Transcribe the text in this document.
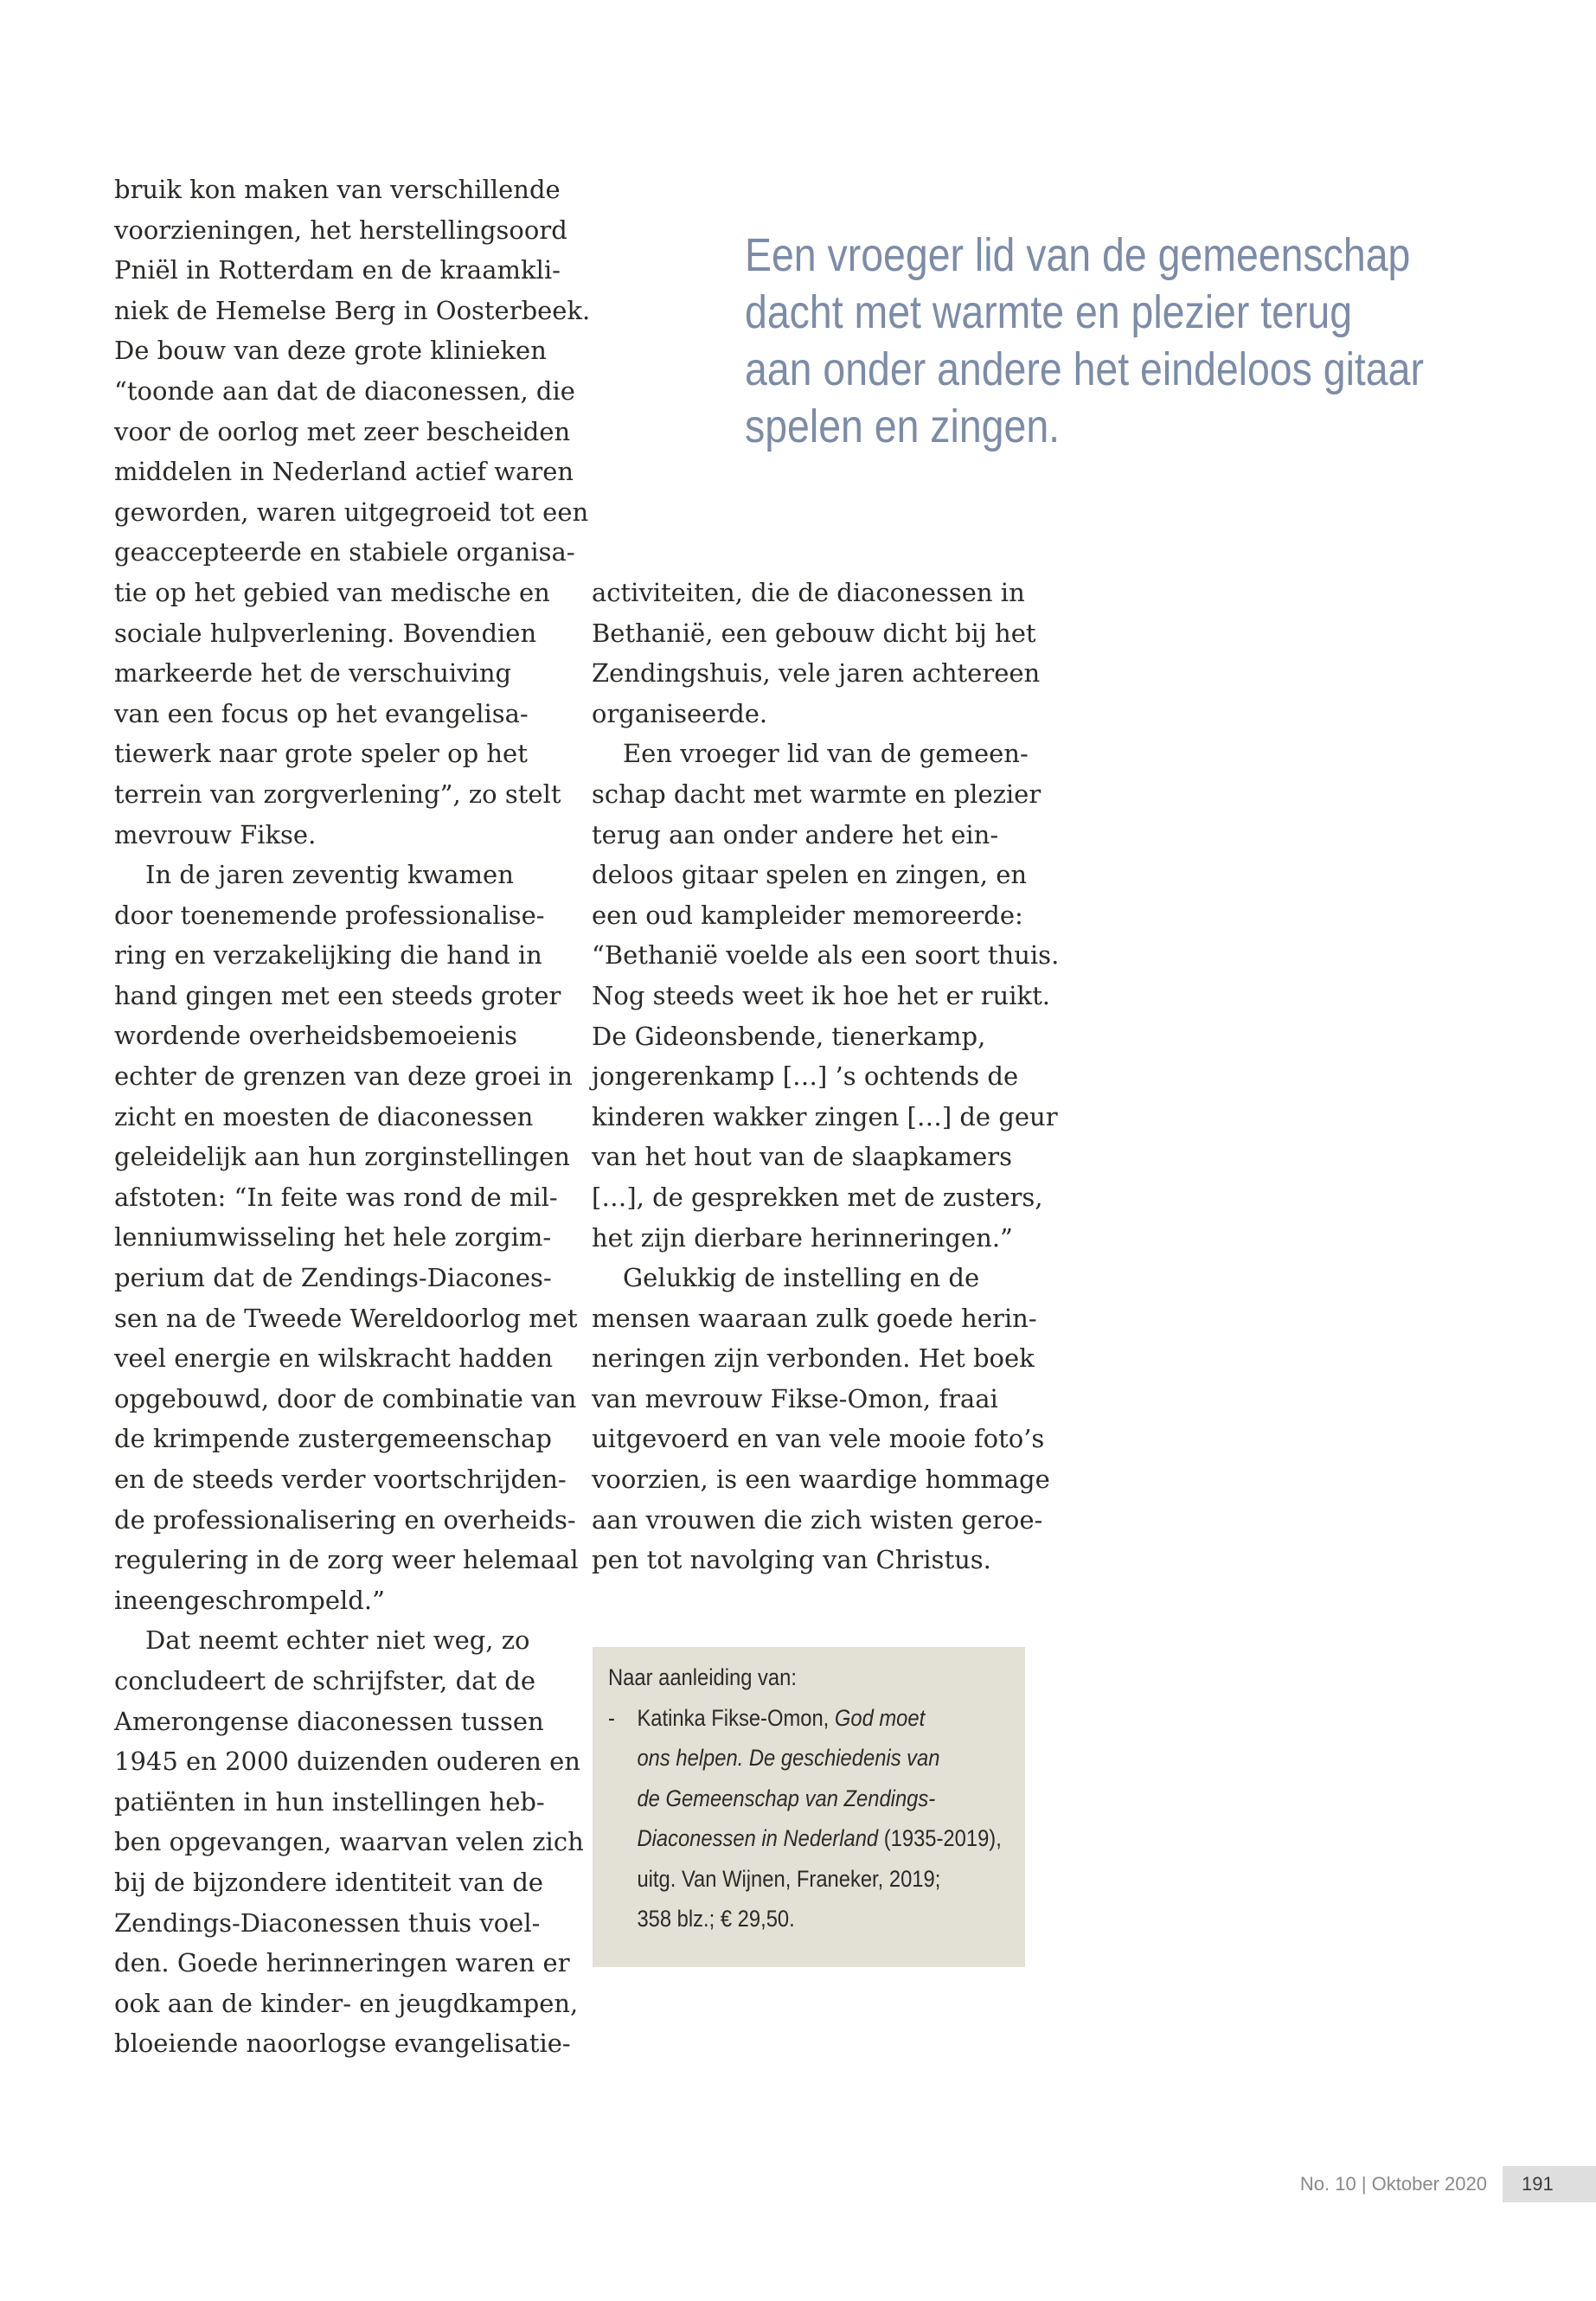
bruik kon maken van verschillende
voorzieningen, het herstellingsoord
Pniël in Rotterdam en de kraamkli-
niek de Hemelse Berg in Oosterbeek.
De bouw van deze grote klinieken
“toonde aan dat de diaconessen, die
voor de oorlog met zeer bescheiden
middelen in Nederland actief waren
geworden, waren uitgegroeid tot een
geaccepteerde en stabiele organisa-
tie op het gebied van medische en
sociale hulpverlening. Bovendien
markeerde het de verschuiving
van een focus op het evangelisa-
tiewerk naar grote speler op het
terrein van zorgverlening”, zo stelt
mevrouw Fikse.
In de jaren zeventig kwamen
door toenemende professionalise-
ring en verzakelijking die hand in
hand gingen met een steeds groter
wordende overheidsbemoeienis
echter de grenzen van deze groei in
zicht en moesten de diaconessen
geleidelijk aan hun zorginstellingen
afstoten: “In feite was rond de mil-
lenniumwisseling het hele zorgim-
perium dat de Zendings-Diacones-
sen na de Tweede Wereldoorlog met
veel energie en wilskracht hadden
opgebouwd, door de combinatie van
de krimpende zustergemeenschap
en de steeds verder voortschrijden-
de professionalisering en overheids-
regulering in de zorg weer helemaal
ineengeschrompeld.”
Dat neemt echter niet weg, zo
concludeert de schrijfster, dat de
Amerongense diaconessen tussen
1945 en 2000 duizenden ouderen en
patiënten in hun instellingen heb-
ben opgevangen, waarvan velen zich
bij de bijzondere identiteit van de
Zendings-Diaconessen thuis voel-
den. Goede herinneringen waren er
ook aan de kinder- en jeugdkampen,
bloeiende naoorlogse evangelisatie-
activiteiten, die de diaconessen in
Bethanië, een gebouw dicht bij het
Zendingshuis, vele jaren achtereen
organiseerde.
Een vroeger lid van de gemeen-
schap dacht met warmte en plezier
terug aan onder andere het ein-
deloos gitaar spelen en zingen, en
een oud kampleider memoreerde:
“Bethanië voelde als een soort thuis.
Nog steeds weet ik hoe het er ruikt.
De Gideonsbende, tienerkamp,
jongerenkamp […] ’s ochtends de
kinderen wakker zingen […] de geur
van het hout van de slaapkamers
[…], de gesprekken met de zusters,
het zijn dierbare herinneringen.”
Gelukkig de instelling en de
mensen waaraan zulk goede herin-
neringen zijn verbonden. Het boek
van mevrouw Fikse-Omon, fraai
uitgevoerd en van vele mooie foto’s
voorzien, is een waardige hommage
aan vrouwen die zich wisten geroe-
pen tot navolging van Christus.
Een vroeger lid van de gemeenschap
dacht met warmte en plezier terug
aan onder andere het eindeloos gitaar
spelen en zingen.
Naar aanleiding van:
- Katinka Fikse-Omon, God moet
ons helpen. De geschiedenis van
de Gemeenschap van Zendings-
Diaconessen in Nederland (1935-2019),
uitg. Van Wijnen, Franeker, 2019;
358 blz.; € 29,50.
No. 10 | Oktober 2020	191
